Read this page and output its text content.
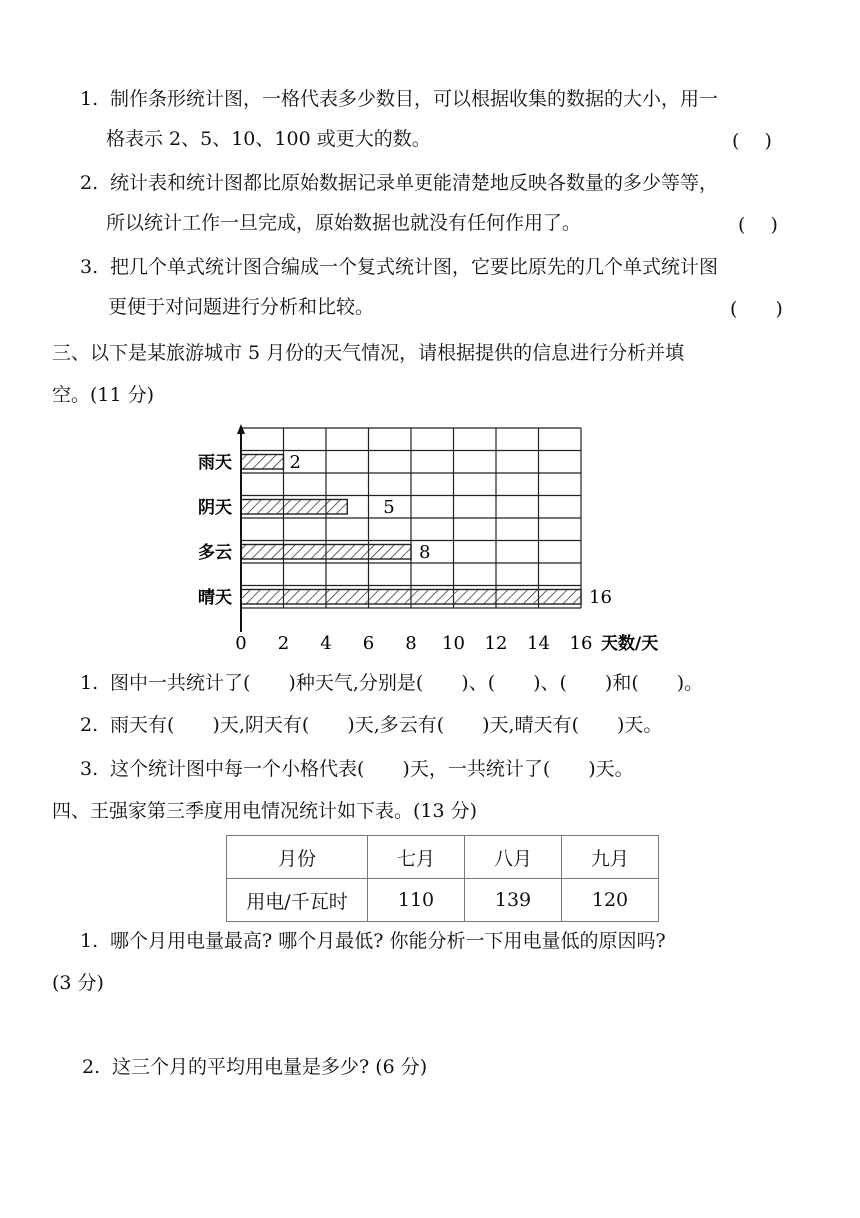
1. 制作条形统计图，一格代表多少数目，可以根据收集的数据的大小，用一
格表示 2、5、10、100 或更大的数。	(　 )
2. 统计表和统计图都比原始数据记录单更能清楚地反映各数量的多少等等，
所以统计工作一旦完成，原始数据也就没有任何作用了。	(　 )
3. 把几个单式统计图合编成一个复式统计图，它要比原先的几个单式统计图
更便于对问题进行分析和比较。	(　　)
三、以下是某旅游城市 5 月份的天气情况，请根据提供的信息进行分析并填
空。(11 分)
雨天
阴天
多云
晴天
2
5
8
16
0 2 4 6 8 10 12 14 16 天数/天
1. 图中一共统计了(　　)种天气,分别是(　　)、(　　)、(　　)和(　　)。
2. 雨天有(　　)天,阴天有(　　)天,多云有(　　)天,晴天有(　　)天。
3. 这个统计图中每一个小格代表(　　)天，一共统计了(　　)天。
四、王强家第三季度用电情况统计如下表。(13 分)
月份	七月	八月	九月
用电/千瓦时	110	139	120
1. 哪个月用电量最高? 哪个月最低? 你能分析一下用电量低的原因吗?
(3 分)
2. 这三个月的平均用电量是多少? (6 分)
